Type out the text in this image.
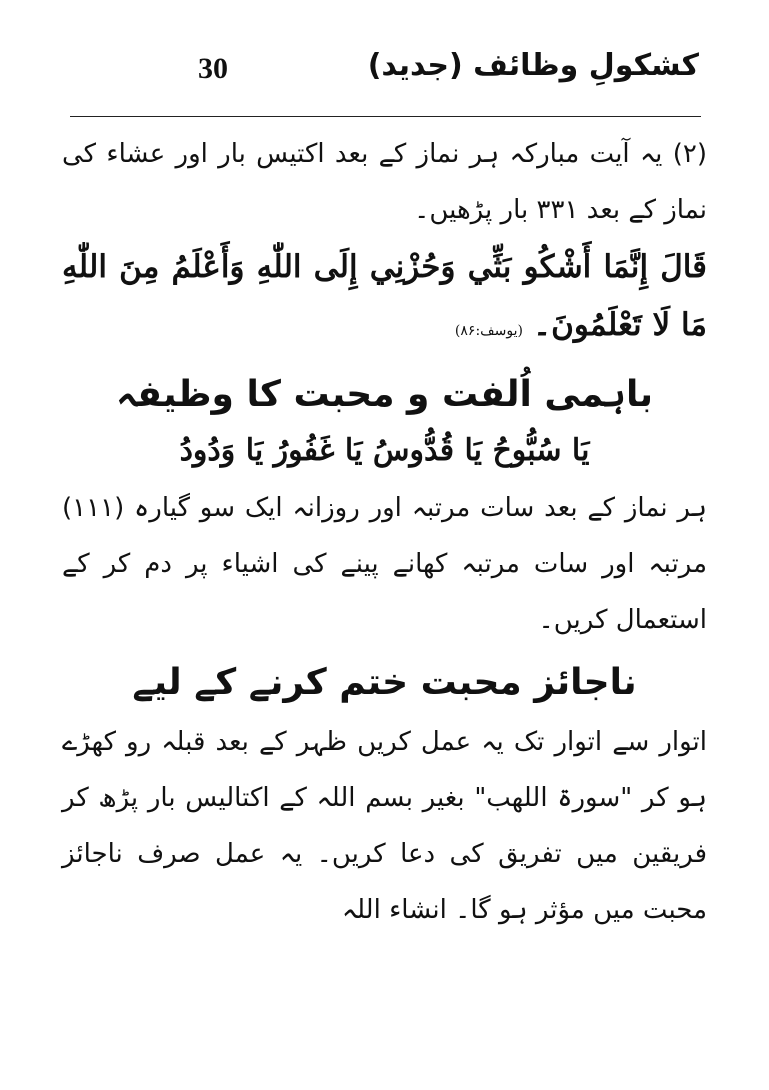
30	کشکولِ وظائف (جدید)

(۲) یہ آیت مبارکہ ہر نماز کے بعد اکتیس بار اور عشاء کی نماز کے بعد ۳۳۱ بار پڑھیں۔

قَالَ إِنَّمَا أَشْكُو بَثِّي وَحُزْنِي إِلَى اللّٰهِ وَأَعْلَمُ مِنَ اللّٰهِ مَا لَا تَعْلَمُونَ۔(یوسف:۸۶)

باہمی اُلفت و محبت کا وظیفہ

یَا سُبُّوحُ یَا قُدُّوسُ یَا غَفُورُ یَا وَدُودُ

ہر نماز کے بعد سات مرتبہ اور روزانہ ایک سو گیارہ (۱۱۱) مرتبہ اور سات مرتبہ کھانے پینے کی اشیاء پر دم کر کے استعمال کریں۔

ناجائز محبت ختم کرنے کے لیے

اتوار سے اتوار تک یہ عمل کریں ظہر کے بعد قبلہ رو کھڑے ہو کر "سورۃ اللھب" بغیر بسم اللہ کے اکتالیس بار پڑھ کر فریقین میں تفریق کی دعا کریں۔ یہ عمل صرف ناجائز محبت میں مؤثر ہو گا۔ انشاء اللہ
